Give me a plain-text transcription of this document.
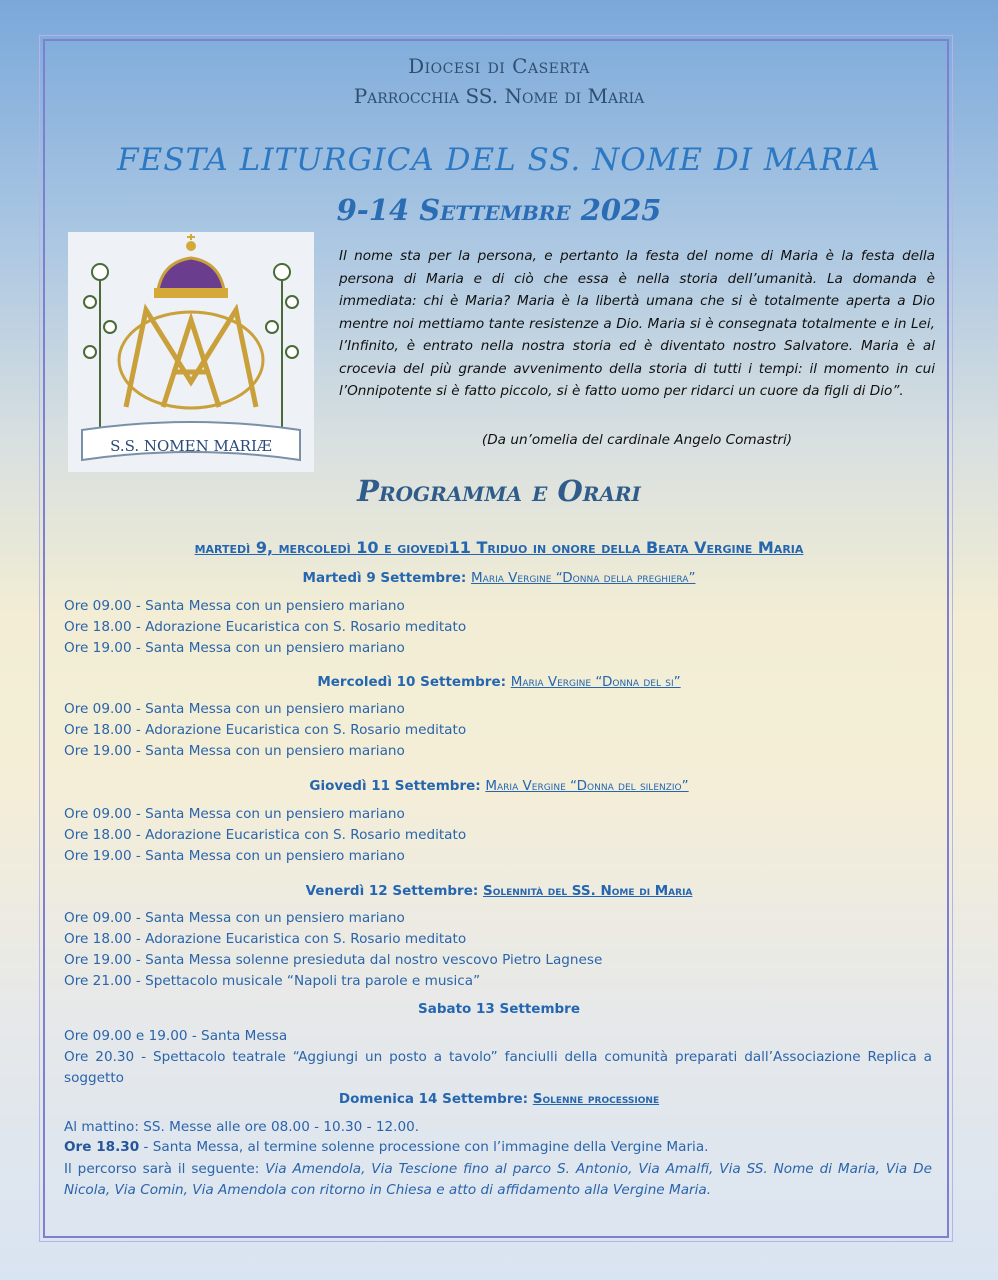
Diocesi di Caserta
Parrocchia SS. Nome di Maria
FESTA LITURGICA DEL SS. NOME DI MARIA
9-14 Settembre 2025
S.S. NOMEN MARIÆ
Il nome sta per la persona, e pertanto la festa del nome di Maria è la festa della persona di Maria e di ciò che essa è nella storia dell’umanità. La domanda è immediata: chi è Maria? Maria è la libertà umana che si è totalmente aperta a Dio mentre noi mettiamo tante resistenze a Dio. Maria si è consegnata totalmente e in Lei, l’Infinito, è entrato nella nostra storia ed è diventato nostro Salvatore. Maria è al crocevia del più grande avvenimento della storia di tutti i tempi: il momento in cui l’Onnipotente si è fatto piccolo, si è fatto uomo per ridarci un cuore da figli di Dio”.
(Da un’omelia del cardinale Angelo Comastri)
Programma e Orari
martedì 9, mercoledì 10 e giovedì11 Triduo in onore della Beata Vergine Maria
Martedì 9 Settembre: Maria Vergine “Donna della preghiera”
Ore 09.00 - Santa Messa con un pensiero mariano
Ore 18.00 - Adorazione Eucaristica con S. Rosario meditato
Ore 19.00 - Santa Messa con un pensiero mariano
Mercoledì 10 Settembre: Maria Vergine “Donna del si”
Ore 09.00 - Santa Messa con un pensiero mariano
Ore 18.00 - Adorazione Eucaristica con S. Rosario meditato
Ore 19.00 - Santa Messa con un pensiero mariano
Giovedì 11 Settembre: Maria Vergine “Donna del silenzio”
Ore 09.00 - Santa Messa con un pensiero mariano
Ore 18.00 - Adorazione Eucaristica con S. Rosario meditato
Ore 19.00 - Santa Messa con un pensiero mariano
Venerdì 12 Settembre: Solennità del SS. Nome di Maria
Ore 09.00 - Santa Messa con un pensiero mariano
Ore 18.00 - Adorazione Eucaristica con S. Rosario meditato
Ore 19.00 - Santa Messa solenne presieduta dal nostro vescovo Pietro Lagnese
Ore 21.00 - Spettacolo musicale “Napoli tra parole e musica”
Sabato 13 Settembre
Ore 09.00 e 19.00 - Santa Messa
Ore 20.30 - Spettacolo teatrale “Aggiungi un posto a tavolo” fanciulli della comunità preparati dall’Associazione Replica a soggetto
Domenica 14 Settembre: Solenne processione
Al mattino: SS. Messe alle ore 08.00 - 10.30 - 12.00.
Ore 18.30 - Santa Messa, al termine solenne processione con l’immagine della Vergine Maria.
Il percorso sarà il seguente: Via Amendola, Via Tescione fino al parco S. Antonio, Via Amalfi, Via SS. Nome di Maria, Via De Nicola, Via Comin, Via Amendola con ritorno in Chiesa e atto di affidamento alla Vergine Maria.
